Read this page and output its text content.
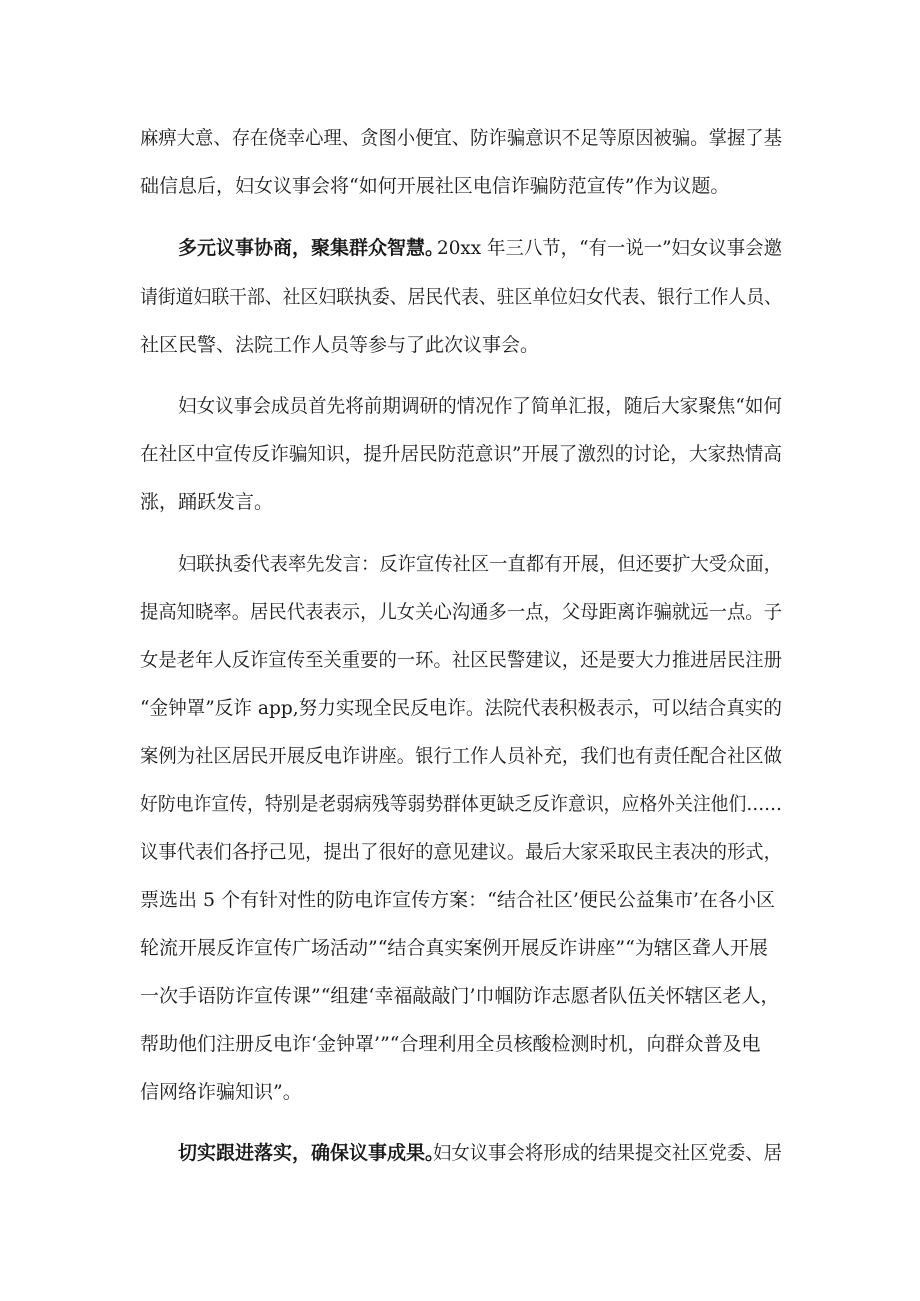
麻痹大意、存在侥幸心理、贪图小便宜、防诈骗意识不足等原因被骗。掌握了基
础信息后，妇女议事会将“如何开展社区电信诈骗防范宣传”作为议题。
多元议事协商，聚集群众智慧。
20xx 年三八节，“有一说一”妇女议事会邀
请街道妇联干部、社区妇联执委、居民代表、驻区单位妇女代表、银行工作人员、
社区民警、法院工作人员等参与了此次议事会。
妇女议事会成员首先将前期调研的情况作了简单汇报，随后大家聚焦“如何
在社区中宣传反诈骗知识，提升居民防范意识”开展了激烈的讨论，大家热情高
涨，踊跃发言。
妇联执委代表率先发言：反诈宣传社区一直都有开展，但还要扩大受众面，
提高知晓率。居民代表表示，儿女关心沟通多一点，父母距离诈骗就远一点。子
女是老年人反诈宣传至关重要的一环。社区民警建议，还是要大力推进居民注册
“金钟罩”反诈 app,努力实现全民反电诈。法院代表积极表示，可以结合真实的
案例为社区居民开展反电诈讲座。银行工作人员补充，我们也有责任配合社区做
好防电诈宣传，特别是老弱病残等弱势群体更缺乏反诈意识，应格外关注他们……
议事代表们各抒己见，提出了很好的意见建议。最后大家采取民主表决的形式，
票选出 5 个有针对性的防电诈宣传方案：“结合社区’便民公益集市’在各小区
轮流开展反诈宣传广场活动”“结合真实案例开展反诈讲座”“为辖区聋人开展
一次手语防诈宣传课”“组建‘幸福敲敲门’巾帼防诈志愿者队伍关怀辖区老人，
帮助他们注册反电诈‘金钟罩’”“合理利用全员核酸检测时机，向群众普及电
信网络诈骗知识”。
切实跟进落实，确保议事成果。
妇女议事会将形成的结果提交社区党委、居
